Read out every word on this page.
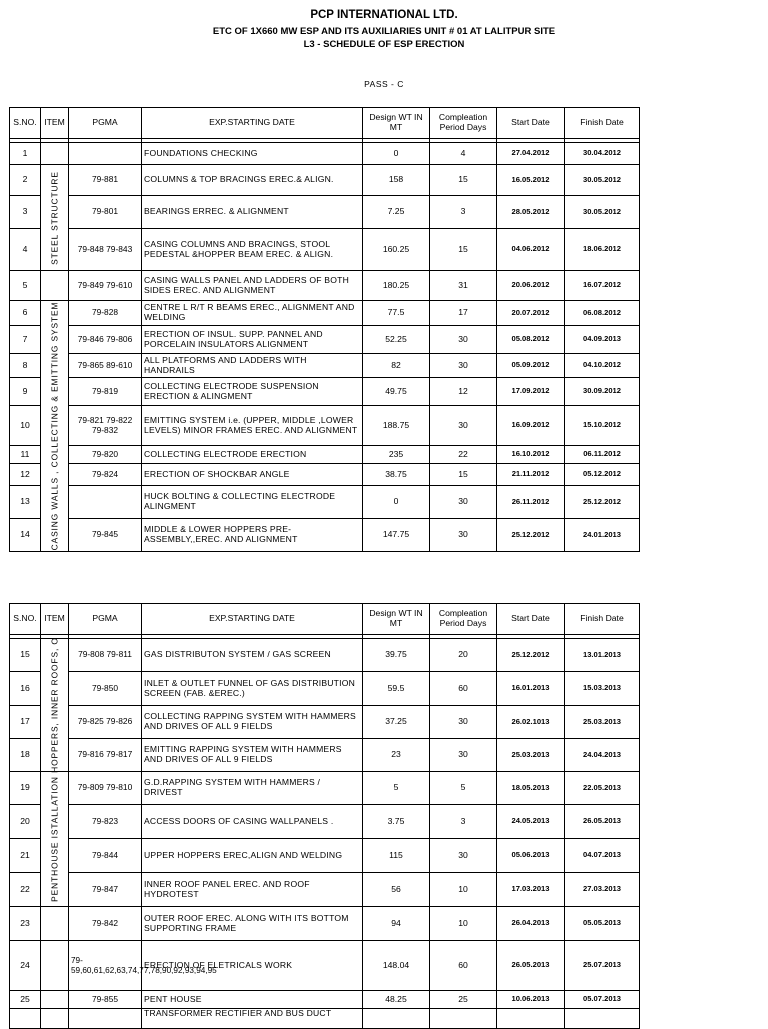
PCP INTERNATIONAL LTD.
ETC OF 1X660 MW ESP AND ITS AUXILIARIES UNIT # 01 AT LALITPUR SITE
L3 - SCHEDULE OF ESP ERECTION
PASS - C
S.NO.	ITEM	PGMA	EXP.STARTING DATE	Design WT IN MT	Compleation Period Days	Start Date	Finish Date

1			FOUNDATIONS CHECKING	0	4	27.04.2012	30.04.2012
2	STEEL STRUCTURE	79-881	COLUMNS & TOP BRACINGS EREC.& ALIGN.	158	15	16.05.2012	30.05.2012
3		79-801	BEARINGS ERREC. & ALIGNMENT	7.25	3	28.05.2012	30.05.2012
4		79-848 79-843	CASING COLUMNS AND BRACINGS, STOOL PEDESTAL &HOPPER BEAM EREC. & ALIGN.	160.25	15	04.06.2012	18.06.2012
5		79-849 79-610	CASING WALLS PANEL AND LADDERS OF BOTH SIDES EREC. AND ALIGNMENT	180.25	31	20.06.2012	16.07.2012
6	CASING WALLS , COLLECTING & EMITTING SYSTEM	79-828	CENTRE L R/T R BEAMS EREC., ALIGNMENT AND WELDING	77.5	17	20.07.2012	06.08.2012
7		79-846 79-806	ERECTION OF INSUL. SUPP. PANNEL AND PORCELAIN INSULATORS ALIGNMENT	52.25	30	05.08.2012	04.09.2013
8		79-865 89-610	ALL PLATFORMS AND LADDERS WITH HANDRAILS	82	30	05.09.2012	04.10.2012
9		79-819	COLLECTING ELECTRODE SUSPENSION ERECTION & ALINGMENT	49.75	12	17.09.2012	30.09.2012
10		79-821 79-822 79-832	EMITTING SYSTEM i.e. (UPPER, MIDDLE ,LOWER LEVELS) MINOR FRAMES EREC. AND ALIGNMENT	188.75	30	16.09.2012	15.10.2012
11		79-820	COLLECTING ELECTRODE ERECTION	235	22	16.10.2012	06.11.2012
12		79-824	ERECTION OF SHOCKBAR ANGLE	38.75	15	21.11.2012	05.12.2012
13			HUCK BOLTING & COLLECTING ELECTRODE ALINGMENT	0	30	26.11.2012	25.12.2012
14		79-845	MIDDLE & LOWER HOPPERS PRE-ASSEMBLY,,EREC. AND ALIGNMENT	147.75	30	25.12.2012	24.01.2013
S.NO.	ITEM	PGMA	EXP.STARTING DATE	Design WT IN MT	Compleation Period Days	Start Date	Finish Date

15	HOPPERS, INNER ROOFS, O	79-808 79-811	GAS DISTRIBUTON SYSTEM / GAS SCREEN	39.75	20	25.12.2012	13.01.2013
16		79-850	INLET & OUTLET FUNNEL OF GAS DISTRIBUTION SCREEN (FAB. &EREC.)	59.5	60	16.01.2013	15.03.2013
17		79-825 79-826	COLLECTING RAPPING SYSTEM WITH HAMMERS AND DRIVES OF ALL 9 FIELDS	37.25	30	26.02.1013	25.03.2013
18		79-816 79-817	EMITTING RAPPING SYSTEM WITH HAMMERS AND DRIVES OF ALL 9 FIELDS	23	30	25.03.2013	24.04.2013
19	PENTHOUSE ISTALLATION	79-809 79-810	G.D.RAPPING SYSTEM WITH HAMMERS / DRIVEST	5	5	18.05.2013	22.05.2013
20		79-823	ACCESS DOORS OF CASING WALLPANELS .	3.75	3	24.05.2013	26.05.2013
21		79-844	UPPER HOPPERS EREC,ALIGN AND WELDING	115	30	05.06.2013	04.07.2013
22		79-847	INNER ROOF PANEL EREC. AND ROOF HYDROTEST	56	10	17.03.2013	27.03.2013
23		79-842	OUTER ROOF EREC. ALONG WITH ITS BOTTOM SUPPORTING FRAME	94	10	26.04.2013	05.05.2013
24		79-59,60,61,62,63,74,77,78,90,92,93,94,95	ERECTION OF ELETRICALS WORK	148.04	60	26.05.2013	25.07.2013
25		79-855	PENT HOUSE	48.25	25	10.06.2013	05.07.2013
			TRANSFORMER RECTIFIER AND BUS DUCT				
